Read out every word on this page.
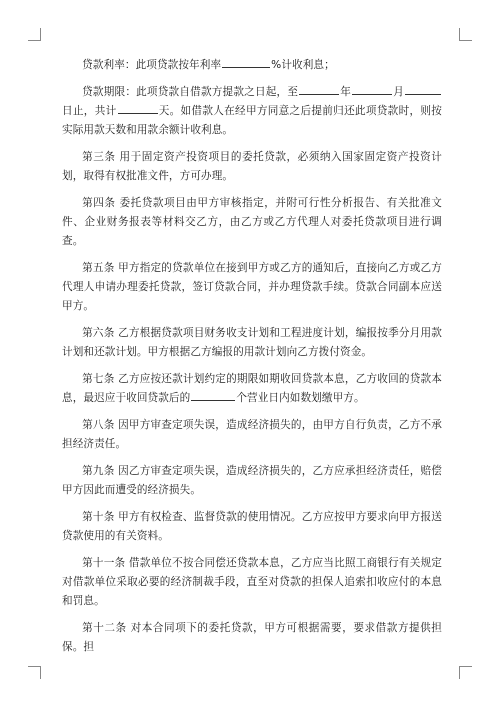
贷款利率：此项贷款按年利率	%计收利息；

贷款期限：此项贷款自借款方提款之日起，至	年	月日止，共计	天。如借款人在经甲方同意之后提前归还此项贷款时，则按实际用款天数和用款余额计收利息。

第三条 用于固定资产投资项目的委托贷款，必须纳入国家固定资产投资计划，取得有权批准文件，方可办理。

第四条 委托贷款项目由甲方审核指定，并附可行性分析报告、有关批准文件、企业财务报表等材料交乙方，由乙方或乙方代理人对委托贷款项目进行调查。

第五条 甲方指定的贷款单位在接到甲方或乙方的通知后，直接向乙方或乙方代理人申请办理委托贷款，签订贷款合同，并办理贷款手续。贷款合同副本应送甲方。

第六条 乙方根据贷款项目财务收支计划和工程进度计划，编报按季分月用款计划和还款计划。甲方根据乙方编报的用款计划向乙方拨付资金。

第七条 乙方应按还款计划约定的期限如期收回贷款本息，乙方收回的贷款本息，最迟应于收回贷款后的	个营业日内如数划缴甲方。

第八条 因甲方审查定项失误，造成经济损失的，由甲方自行负责，乙方不承担经济责任。

第九条 因乙方审查定项失误，造成经济损失的，乙方应承担经济责任，赔偿甲方因此而遭受的经济损失。

第十条 甲方有权检查、监督贷款的使用情况。乙方应按甲方要求向甲方报送贷款使用的有关资料。

第十一条 借款单位不按合同偿还贷款本息，乙方应当比照工商银行有关规定对借款单位采取必要的经济制裁手段，直至对贷款的担保人追索扣收应付的本息和罚息。

第十二条 对本合同项下的委托贷款，甲方可根据需要，要求借款方提供担保。担
